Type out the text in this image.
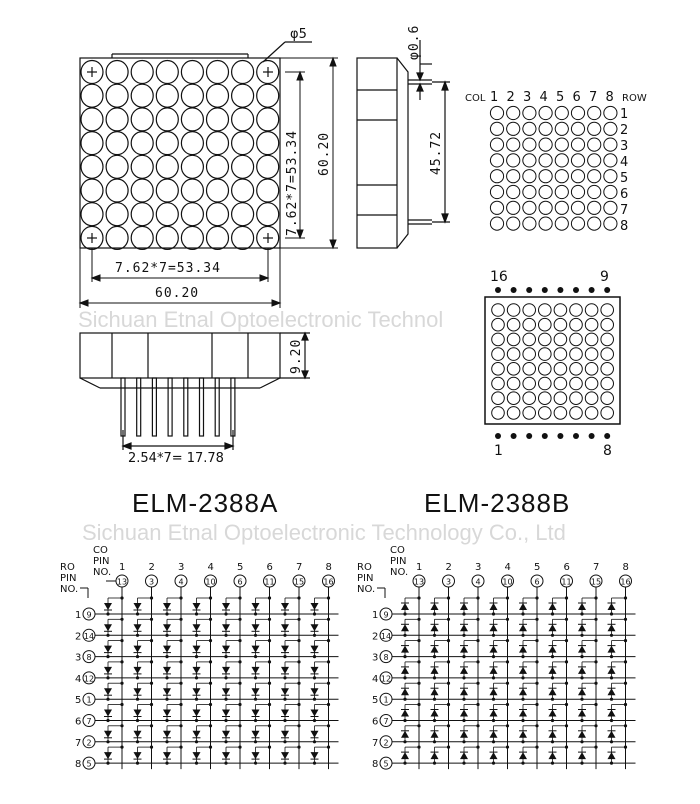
Sichuan Etnal Optoelectronic Technol
Sichuan Etnal Optoelectronic Technology Co., Ltd
φ5
7.62*7=53.34 60.20
7.62*7=53.34
60.20
φ0.6
45.72
9.20
2.54*7= 17.78
COL	ROW
1 2 3 4 5 6 7 8
1
2
3
4
5
6
7
8
16	9
1	8
ELM-2388A	ELM-2388B
CO
PIN
NO.
RO
PIN
NO.
1
13
2
3
3
4
4
10
5
6
6
11
7
15
8
16
1 9
2 14
3 8
4 12
5 1
6 7
7 2
8 5
CO
PIN
NO.
RO
PIN
NO.
1
13
2
3
3
4
4
10
5
6
6
11
7
15
8
16
1 9
2 14
3 8
4 12
5 1
6 7
7 2
8 5
